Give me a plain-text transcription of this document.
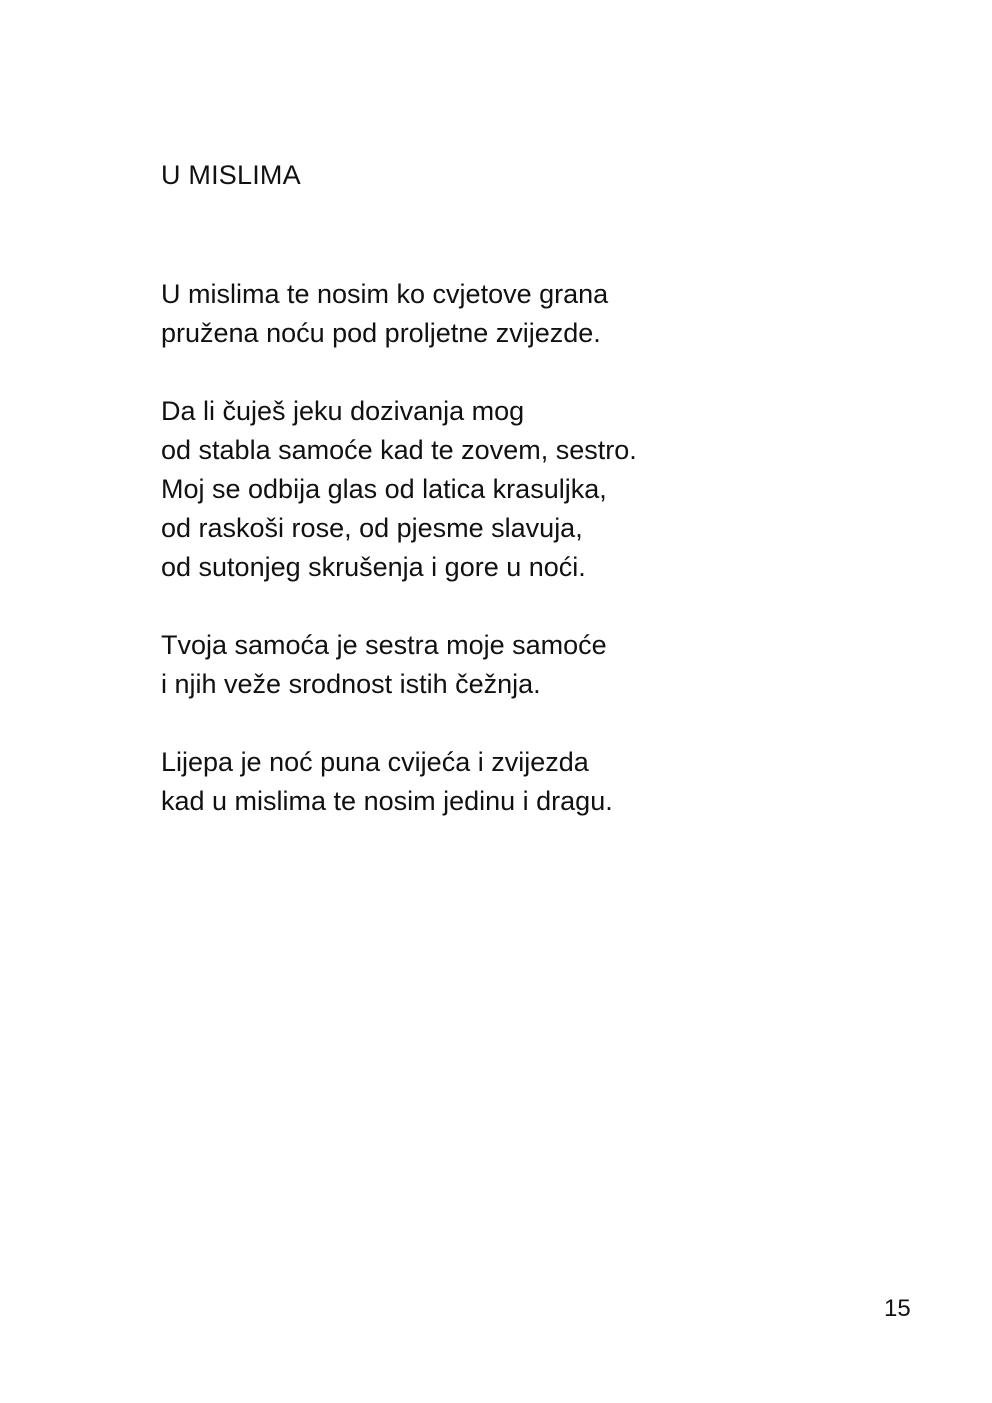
U MISLIMA
U mislima te nosim ko cvjetove grana
pružena noću pod proljetne zvijezde.
Da li čuješ jeku dozivanja mog
od stabla samoće kad te zovem, sestro.
Moj se odbija glas od latica krasuljka,
od raskoši rose, od pjesme slavuja,
od sutonjeg skrušenja i gore u noći.
Tvoja samoća je sestra moje samoće
i njih veže srodnost istih čežnja.
Lijepa je noć puna cvijeća i zvijezda
kad u mislima te nosim jedinu i dragu.
15
